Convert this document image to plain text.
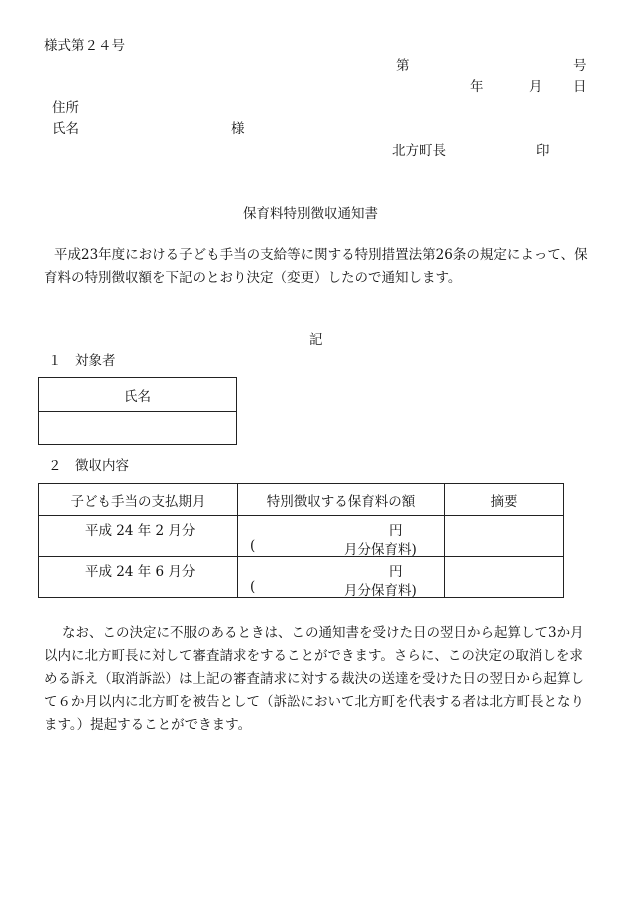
様式第２４号
第	号
年	月 日
住所
氏名	様
北方町長	印
保育料特別徴収通知書

平成23年度における子ども手当の支給等に関する特別措置法第26条の規定によって、保育料の特別徴収額を下記のとおり決定（変更）したので通知します。

記
１　対象者
氏名

２　徴収内容
子ども手当の支払期月	特別徴収する保育料の額	摘要

平成 24 年 2 月分	円
( 月分保育料)	

平成 24 年 6 月分	円
( 月分保育料)	

なお、この決定に不服のあるときは、この通知書を受けた日の翌日から起算して3か月以内に北方町長に対して審査請求をすることができます。さらに、この決定の取消しを求める訴え（取消訴訟）は上記の審査請求に対する裁決の送達を受けた日の翌日から起算して６か月以内に北方町を被告として（訴訟において北方町を代表する者は北方町長となります。）提起することができます。
